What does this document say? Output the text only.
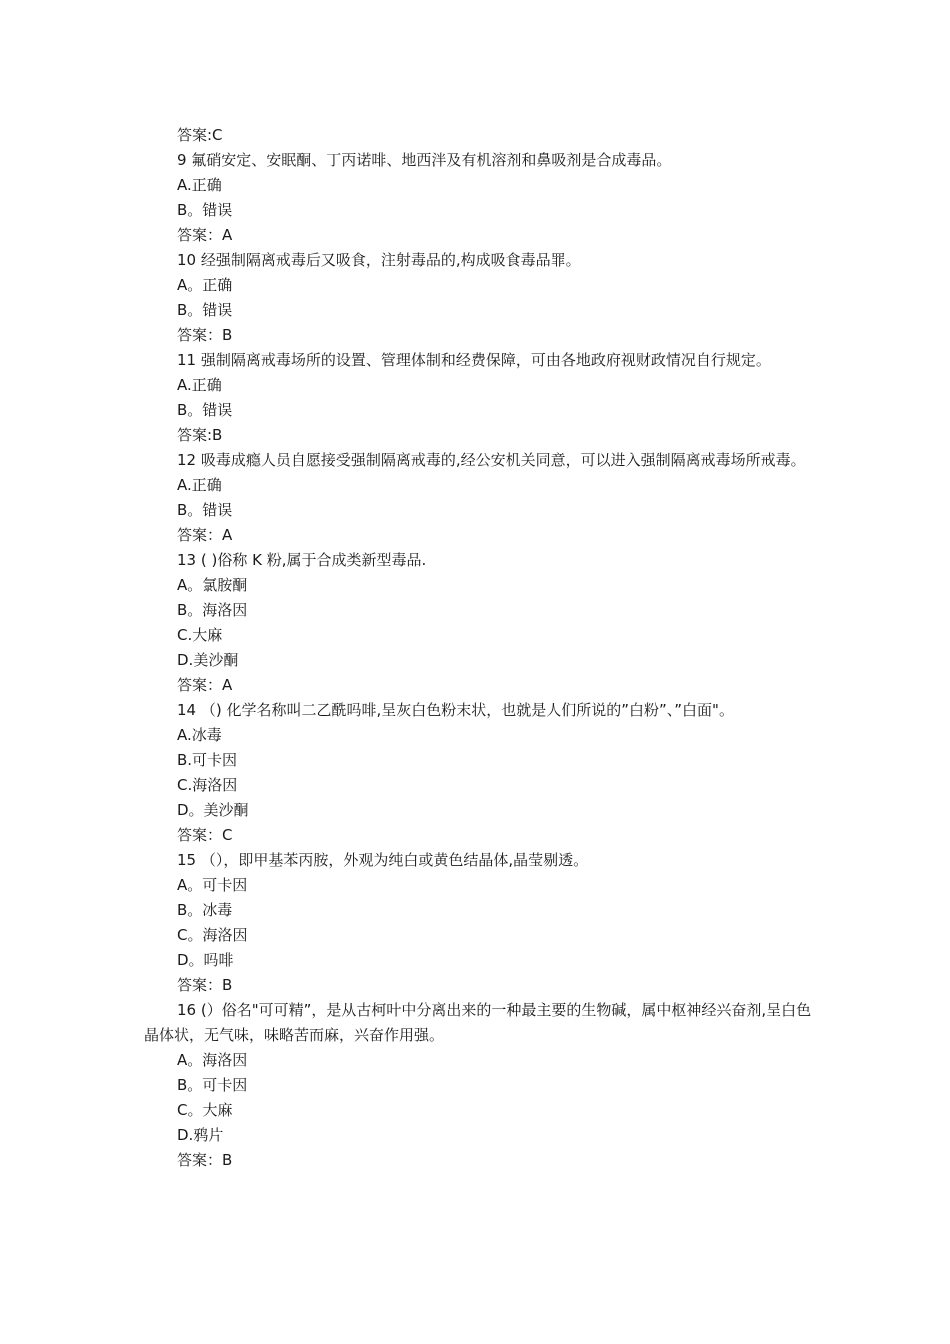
答案:C
9 氟硝安定、安眠酮、丁丙诺啡、地西泮及有机溶剂和鼻吸剂是合成毒品。
A.正确
B。错误
答案：A
10 经强制隔离戒毒后又吸食，注射毒品的,构成吸食毒品罪。
A。正确
B。错误
答案：B
11 强制隔离戒毒场所的设置、管理体制和经费保障，可由各地政府视财政情况自行规定。
A.正确
B。错误
答案:B
12 吸毒成瘾人员自愿接受强制隔离戒毒的,经公安机关同意，可以进入强制隔离戒毒场所戒毒。
A.正确
B。错误
答案：A
13 ( )俗称 K 粉,属于合成类新型毒品.
A。氯胺酮
B。海洛因
C.大麻
D.美沙酮
答案：A
14 （) 化学名称叫二乙酰吗啡,呈灰白色粉末状，也就是人们所说的”白粉”、”白面"。
A.冰毒
B.可卡因
C.海洛因
D。美沙酮
答案：C
15 （），即甲基苯丙胺，外观为纯白或黄色结晶体,晶莹剔透。
A。可卡因
B。冰毒
C。海洛因
D。吗啡
答案：B
16 (）俗名"可可精”，是从古柯叶中分离出来的一种最主要的生物碱，属中枢神经兴奋剂,呈白色晶体状，无气味，味略苦而麻，兴奋作用强。
A。海洛因
B。可卡因
C。大麻
D.鸦片
答案：B
